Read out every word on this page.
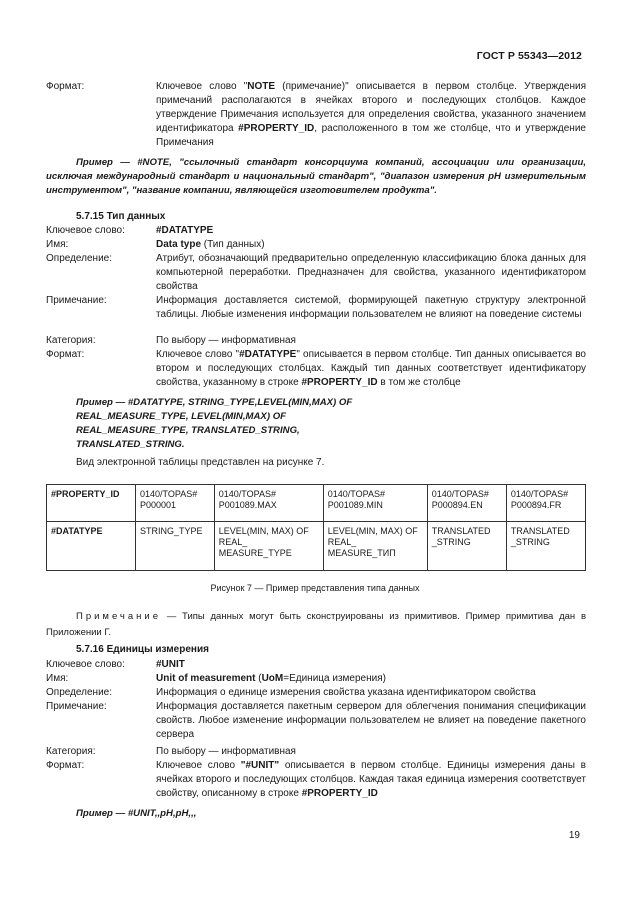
ГОСТ Р 55343—2012
Формат:	Ключевое слово "NOTE (примечание)" описывается в первом столбце. Утверждения примечаний располагаются в ячейках второго и последующих столбцов. Каждое утверждение Примечания используется для определения свойства, указанного значением идентификатора #PROPERTY_ID, расположенного в том же столбце, что и утверждение Примечания
Пример — #NOTE, "ссылочный стандарт консорциума компаний, ассоциации или организации, исключая международный стандарт и национальный стандарт", "диапазон измерения рН измерительным инструментом", "название компании, являющейся изготовителем продукта".
5.7.15 Тип данных
Ключевое слово:	#DATATYPE
Имя:	Data type (Тип данных)
Определение:	Атрибут, обозначающий предварительно определенную классификацию блока данных для компьютерной переработки. Предназначен для свойства, указанного идентификатором свойства
Примечание:	Информация доставляется системой, формирующей пакетную структуру электронной таблицы. Любые изменения информации пользователем не влияют на поведение системы
Категория:	По выбору — информативная
Формат:	Ключевое слово "#DATATYPE" описывается в первом столбце. Тип данных описывается во втором и последующих столбцах. Каждый тип данных соответствует идентификатору свойства, указанному в строке #PROPERTY_ID в том же столбце
Пример — #DATATYPE, STRING_TYPE,LEVEL(MIN,MAX) OF
REAL_MEASURE_TYPE, LEVEL(MIN,MAX) OF
REAL_MEASURE_TYPE, TRANSLATED_STRING,
TRANSLATED_STRING.
Вид электронной таблицы представлен на рисунке 7.
#PROPERTY_ID	0140/TOPAS# P000001	0140/TOPAS# P001089.MAX	0140/TOPAS# P001089.MIN	0140/TOPAS# P000894.EN	0140/TOPAS# P000894.FR
#DATATYPE	STRING_TYPE	LEVEL(MIN, MAX) OF REAL_ MEASURE_TYPE	LEVEL(MIN, MAX) OF REAL_ MEASURE_ТИП	TRANSLATED _STRING	TRANSLATED _STRING
Рисунок 7 — Пример представления типа данных
Примечание — Типы данных могут быть сконструированы из примитивов. Пример примитива дан в Приложении Г.
5.7.16 Единицы измерения
Ключевое слово:	#UNIT
Имя:	Unit of measurement (UoM=Единица измерения)
Определение:	Информация о единице измерения свойства указана идентификатором свойства
Примечание:	Информация доставляется пакетным сервером для облегчения понимания спецификации свойств. Любое изменение информации пользователем не влияет на поведение пакетного сервера
Категория:	По выбору — информативная
Формат:	Ключевое слово "#UNIT" описывается в первом столбце. Единицы измерения даны в ячейках второго и последующих столбцов. Каждая такая единица измерения соответствует свойству, описанному в строке #PROPERTY_ID
Пример — #UNIT,,pH,pH,,,
19
